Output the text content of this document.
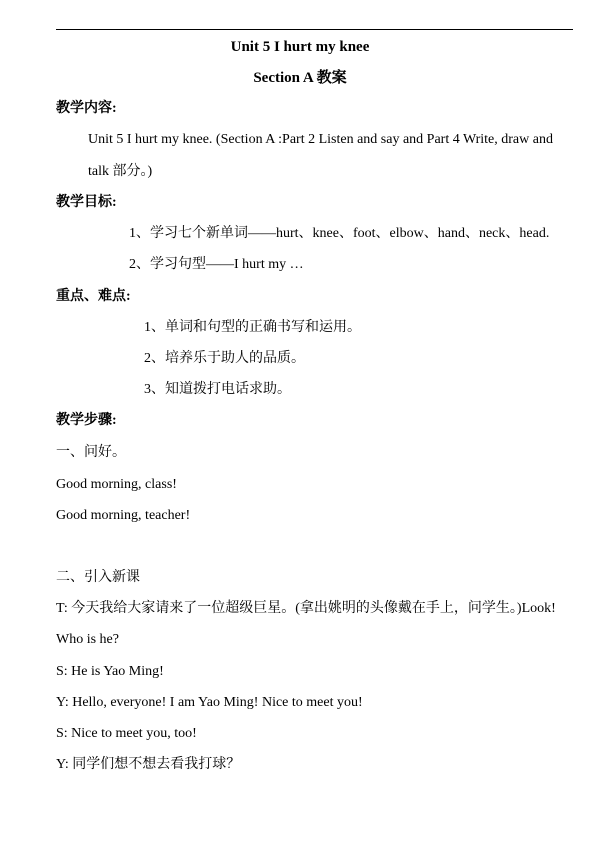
Unit 5 I hurt my knee
Section A 教案
教学内容:
Unit 5 I hurt my knee. (Section A :Part 2 Listen and say and Part 4 Write, draw and
talk 部分。)
教学目标:
1、学习七个新单词——hurt、knee、foot、elbow、hand、neck、head.
2、学习句型——I hurt my …
重点、难点:
1、单词和句型的正确书写和运用。
2、培养乐于助人的品质。
3、知道拨打电话求助。
教学步骤:
一、问好。
Good morning, class!
Good morning, teacher!
二、引入新课
T: 今天我给大家请来了一位超级巨星。(拿出姚明的头像戴在手上，问学生。)Look!
Who is he?
S: He is Yao Ming!
Y: Hello, everyone! I am Yao Ming! Nice to meet you!
S: Nice to meet you, too!
Y: 同学们想不想去看我打球？
